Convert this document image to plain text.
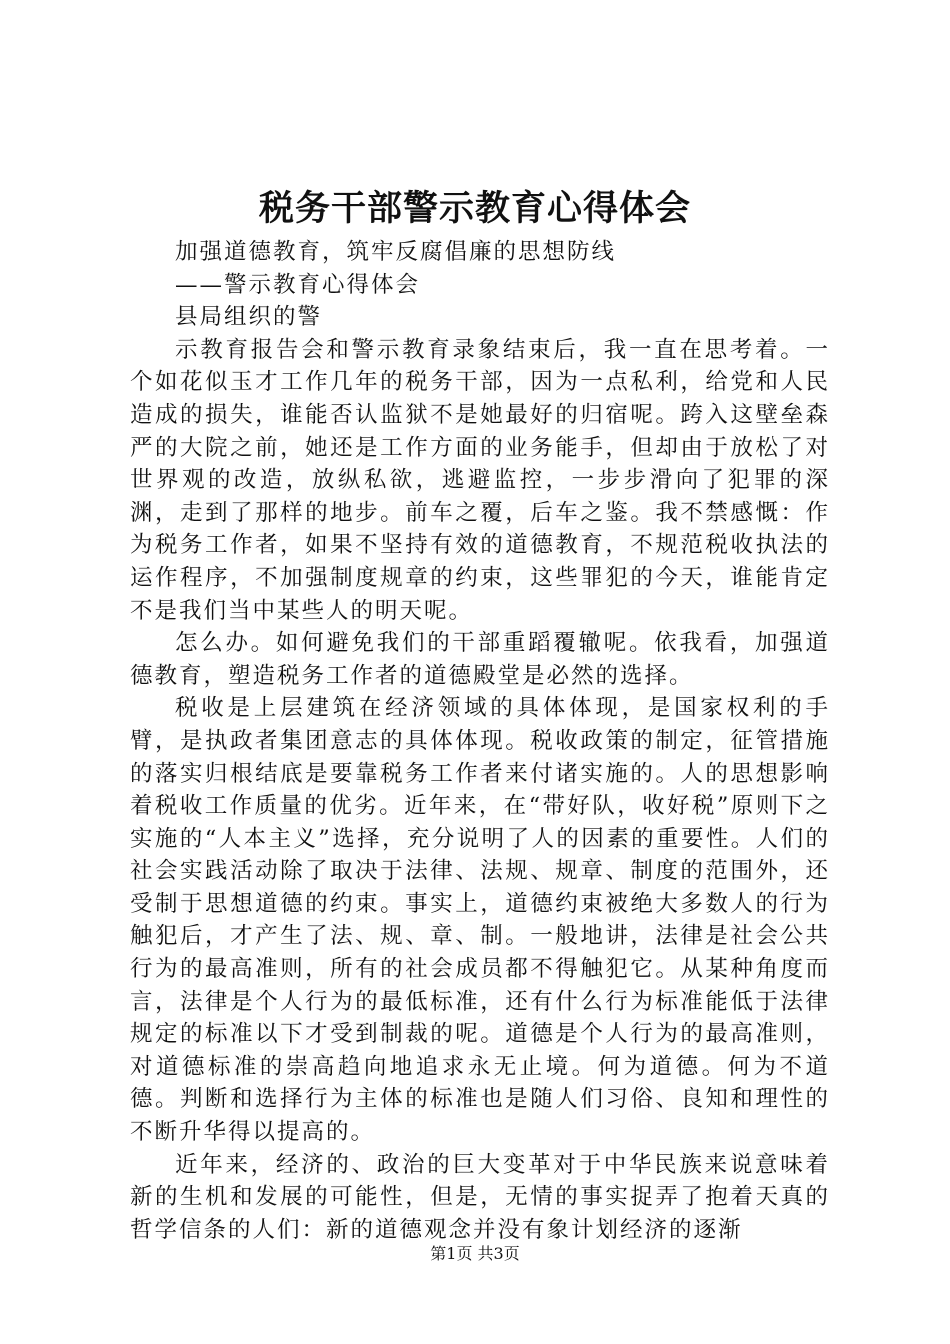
税务干部警示教育心得体会

加强道德教育，筑牢反腐倡廉的思想防线

——警示教育心得体会

县局组织的警

示教育报告会和警示教育录象结束后，我一直在思考着。一个如花似玉才工作几年的税务干部，因为一点私利，给党和人民造成的损失，谁能否认监狱不是她最好的归宿呢。跨入这壁垒森严的大院之前，她还是工作方面的业务能手，但却由于放松了对世界观的改造，放纵私欲，逃避监控，一步步滑向了犯罪的深渊，走到了那样的地步。前车之覆，后车之鉴。我不禁感慨：作为税务工作者，如果不坚持有效的道德教育，不规范税收执法的运作程序，不加强制度规章的约束，这些罪犯的今天，谁能肯定不是我们当中某些人的明天呢。

怎么办。如何避免我们的干部重蹈覆辙呢。依我看，加强道德教育，塑造税务工作者的道德殿堂是必然的选择。

税收是上层建筑在经济领域的具体体现，是国家权利的手臂，是执政者集团意志的具体体现。税收政策的制定，征管措施的落实归根结底是要靠税务工作者来付诸实施的。人的思想影响着税收工作质量的优劣。近年来，在“带好队，收好税”原则下之实施的“人本主义”选择，充分说明了人的因素的重要性。人们的社会实践活动除了取决于法律、法规、规章、制度的范围外，还受制于思想道德的约束。事实上，道德约束被绝大多数人的行为触犯后，才产生了法、规、章、制。一般地讲，法律是社会公共行为的最高准则，所有的社会成员都不得触犯它。从某种角度而言，法律是个人行为的最低标准，还有什么行为标准能低于法律规定的标准以下才受到制裁的呢。道德是个人行为的最高准则，对道德标准的崇高趋向地追求永无止境。何为道德。何为不道德。判断和选择行为主体的标准也是随人们习俗、良知和理性的不断升华得以提高的。

近年来，经济的、政治的巨大变革对于中华民族来说意味着新的生机和发展的可能性，但是，无情的事实捉弄了抱着天真的哲学信条的人们：新的道德观念并没有象计划经济的逐渐

第1页 共3页
